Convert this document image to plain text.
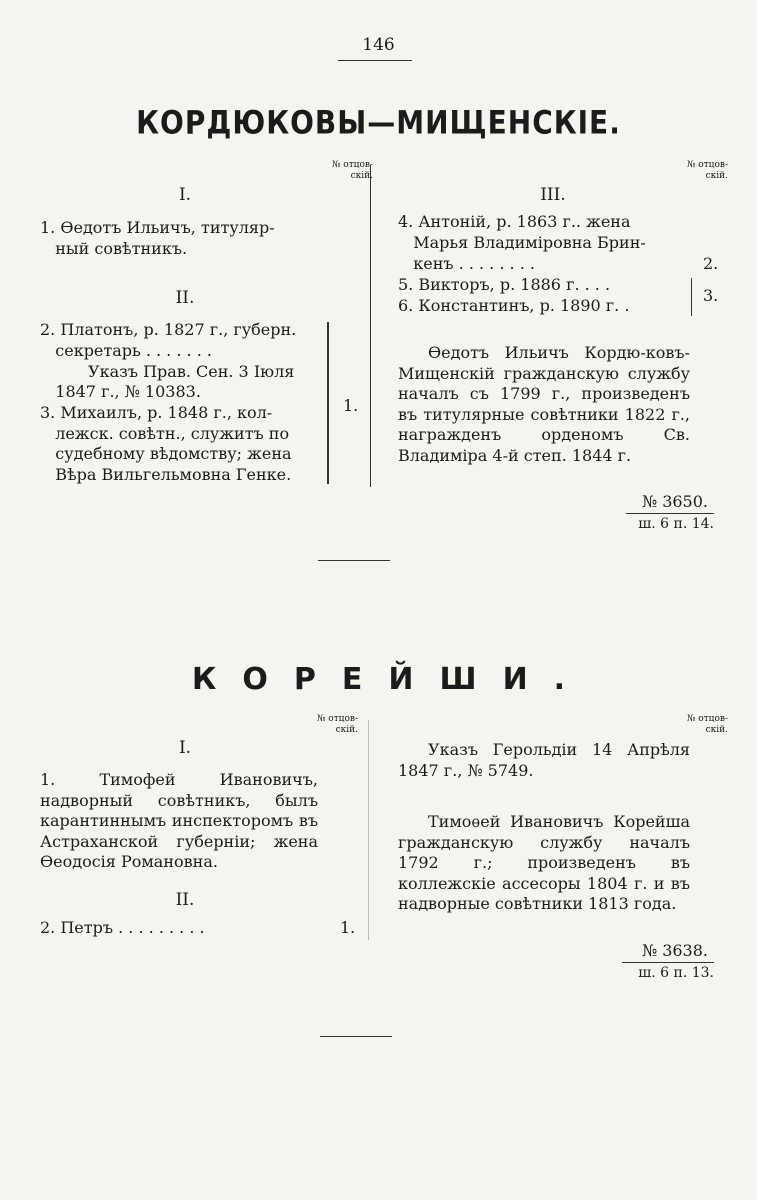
146
КОРДЮКОВЫ—МИЩЕНСКІЕ.
№ отцов-
скій.
№ отцов-
скій.
I.
1. Ѳедотъ Ильичъ, титуляр-
ный совѣтникъ.
II.
2. Платонъ, р. 1827 г., губерн.
секретарь . . . . . . .
Указъ Прав. Сен. 3 Іюля
1847 г., № 10383.
3. Михаилъ, р. 1848 г., кол-
лежск. совѣтн., служитъ по
судебному вѣдомству; жена
Вѣра Вильгельмовна Генке.
1.
III.
4. Антоній, р. 1863 г.. жена
Марья Владиміровна Брин-
кенъ . . . . . . . .	2.
5. Викторъ, р. 1886 г. . . .
6. Константинъ, р. 1890 г. .
3.
Ѳедотъ Ильичъ Кордю-ковъ-Мищенскій гражданскую службу началъ съ 1799 г., произведенъ въ титулярные совѣтники 1822 г., награжденъ орденомъ Св. Владиміра 4-й степ. 1844 г.
№ 3650.
ш. 6 п. 14.
КОРЕЙШИ.
№ отцов-
скій.
№ отцов-
скій.
I.
1. Тимофей Ивановичъ, надворный совѣтникъ, былъ карантиннымъ инспекторомъ въ Астраханской губерніи; жена Ѳеодосія Романовна.
II.
2. Петръ . . . . . . . . .	1.
Указъ Герольдіи 14 Апрѣля 1847 г., № 5749.
Тимоѳей Ивановичъ Корейша гражданскую службу началъ 1792 г.; произведенъ въ коллежскіе ассесоры 1804 г. и въ надворные совѣтники 1813 года.
№ 3638.
ш. 6 п. 13.
